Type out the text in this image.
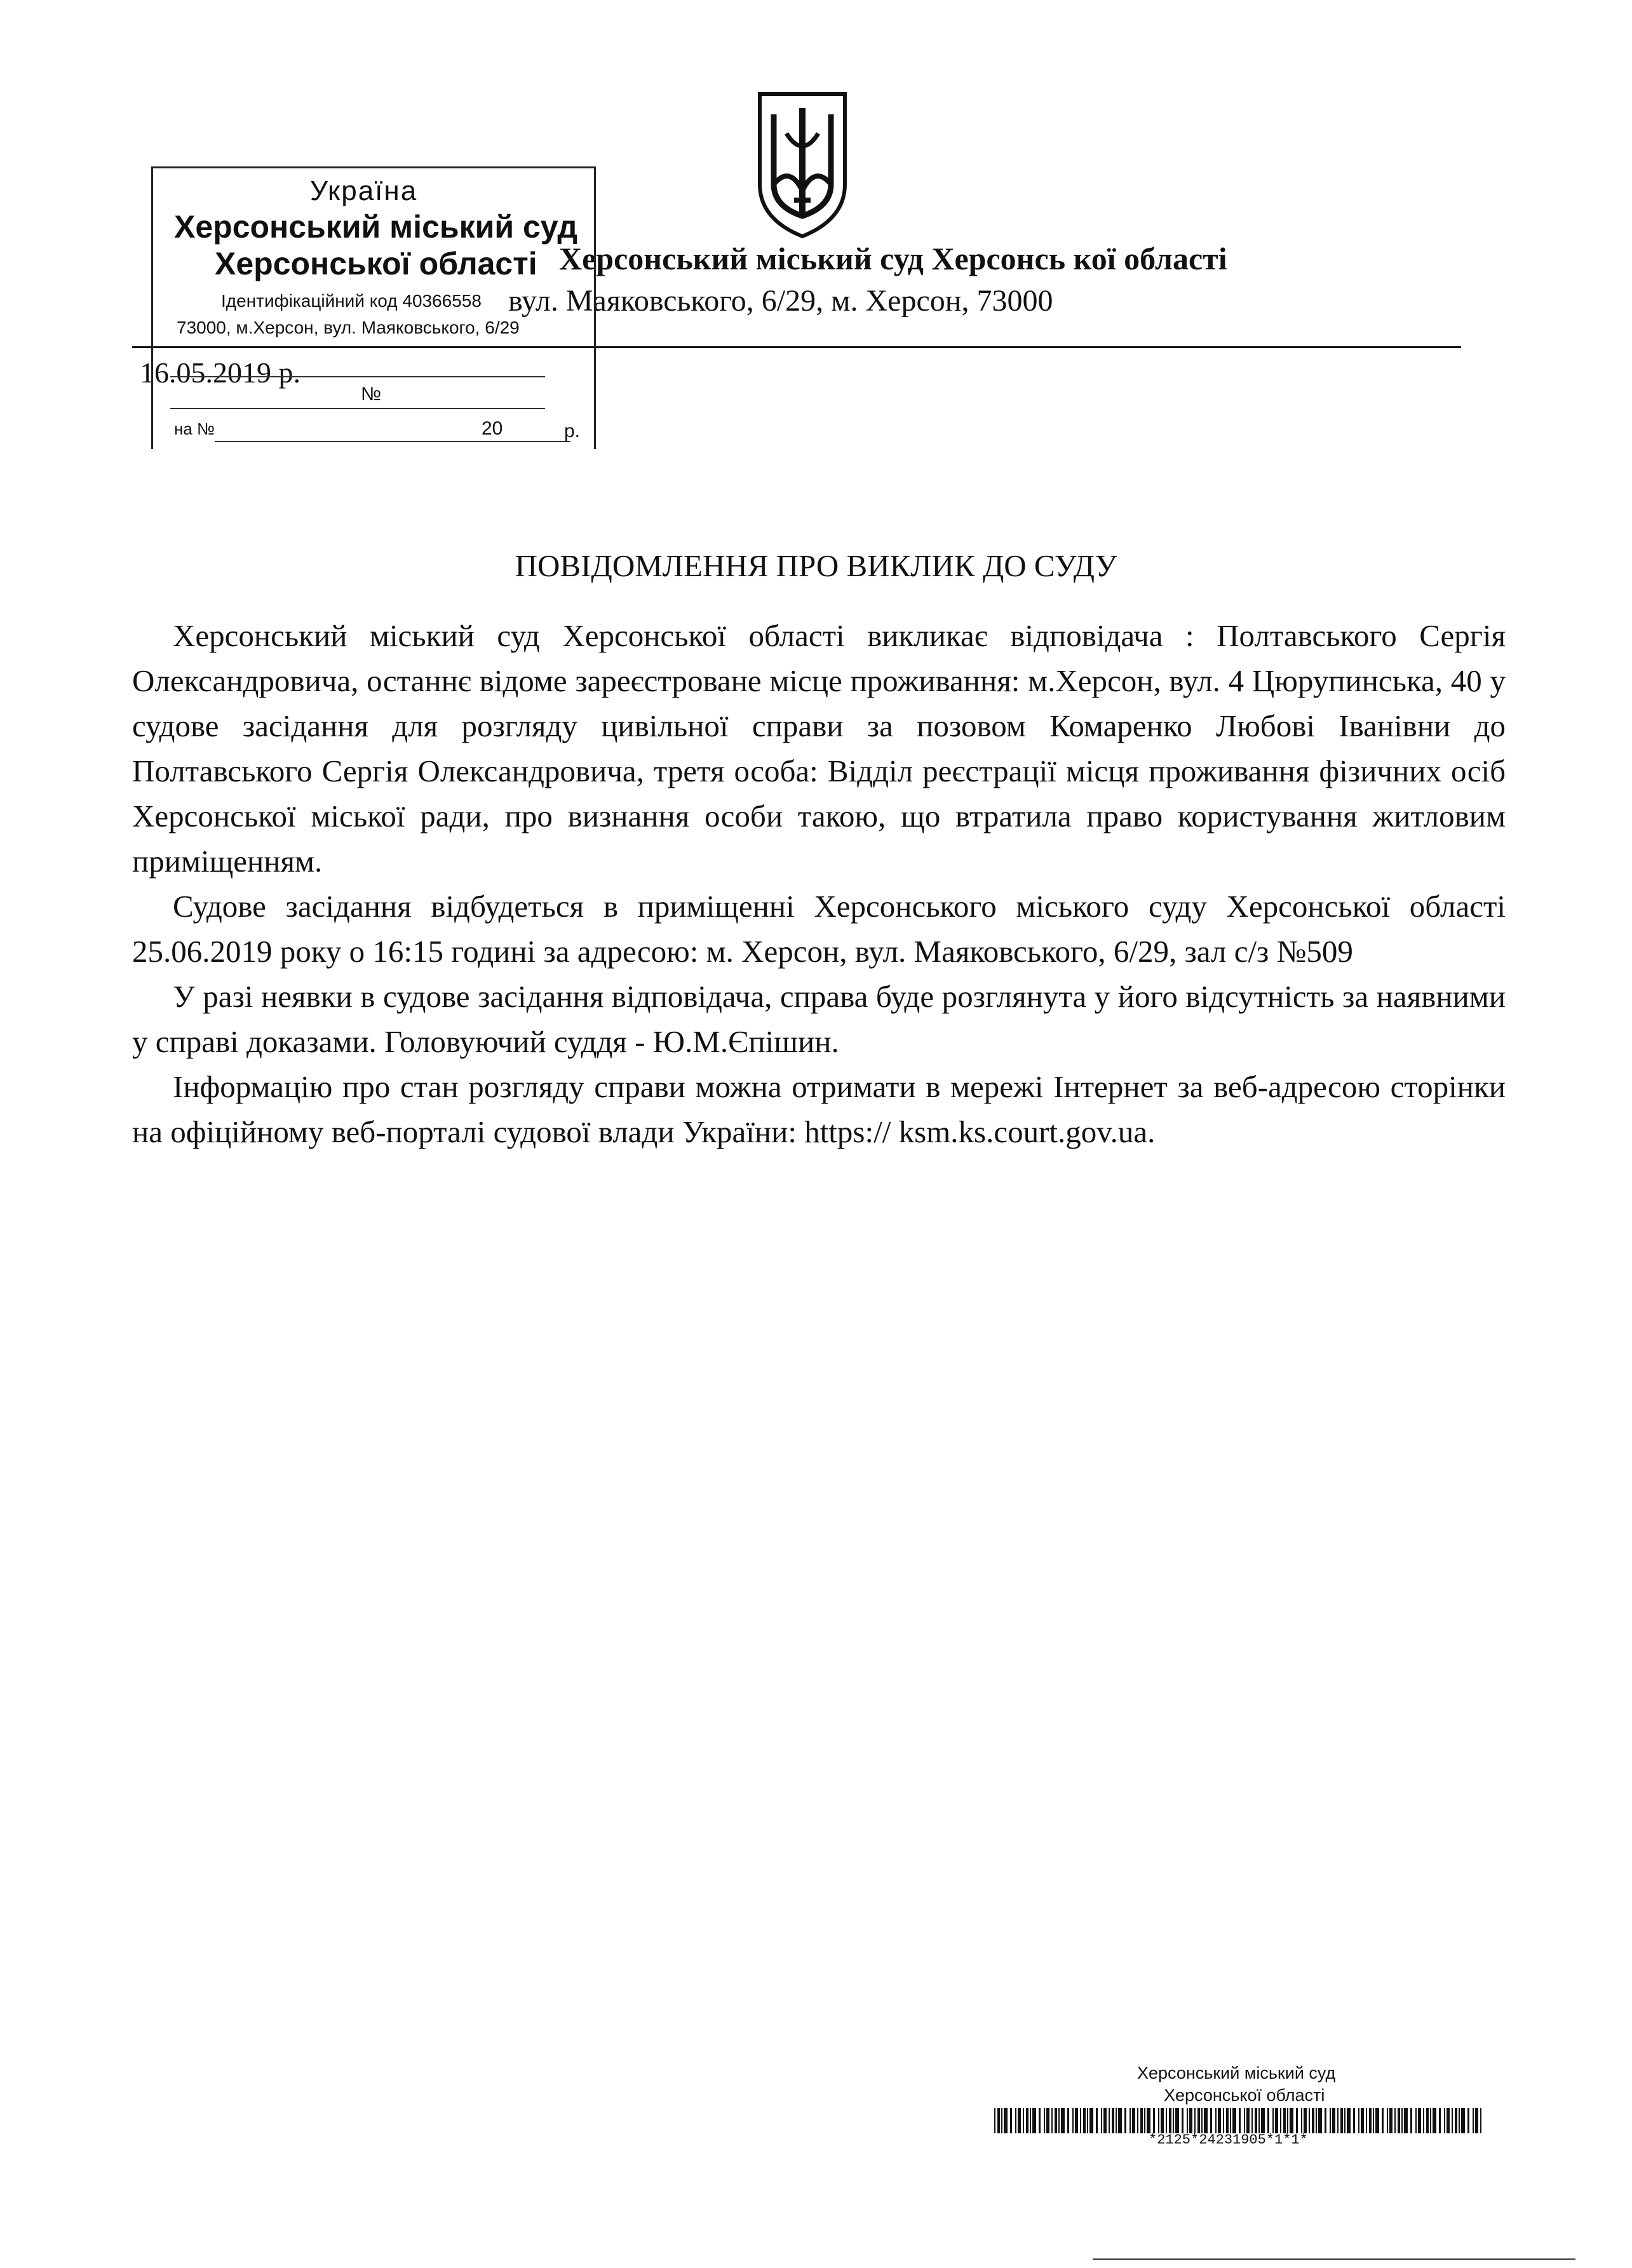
Херсонський міський суд Херсонсь кої області
вул. Маяковського, 6/29, м. Херсон, 73000
16.05.2019 р.
Україна
Херсонський міський суд
Херсонської області
Ідентифікаційний код 40366558
73000, м.Херсон, вул. Маяковського, 6/29
№
на №	20	р.
ПОВІДОМЛЕННЯ ПРО ВИКЛИК ДО СУДУ

Херсонський міський суд Херсонської області викликає відповідача : Полтавського Сергія Олександровича, останнє відоме зареєстроване місце проживання: м.Херсон, вул. 4 Цюрупинська, 40 у судове засідання для розгляду цивільної справи за позовом Комаренко Любові Іванівни до Полтавського Сергія Олександровича, третя особа: Відділ реєстрації місця проживання фізичних осіб Херсонської міської ради, про визнання особи такою, що втратила право користування житловим приміщенням.

Судове засідання відбудеться в приміщенні Херсонського міського суду Херсонської області 25.06.2019 року о 16:15 годині за адресою: м. Херсон, вул. Маяковського, 6/29, зал с/з №509

У разі неявки в судове засідання відповідача, справа буде розглянута у його відсутність за наявними у справі доказами. Головуючий суддя - Ю.М.Єпішин.

Інформацію про стан розгляду справи можна отримати в мережі Інтернет за веб-адресою сторінки на офіційному веб-порталі судової влади України: https:// ksm.ks.court.gov.ua.

Херсонський міський суд
Херсонської області
*2125*24231905*1*1*
